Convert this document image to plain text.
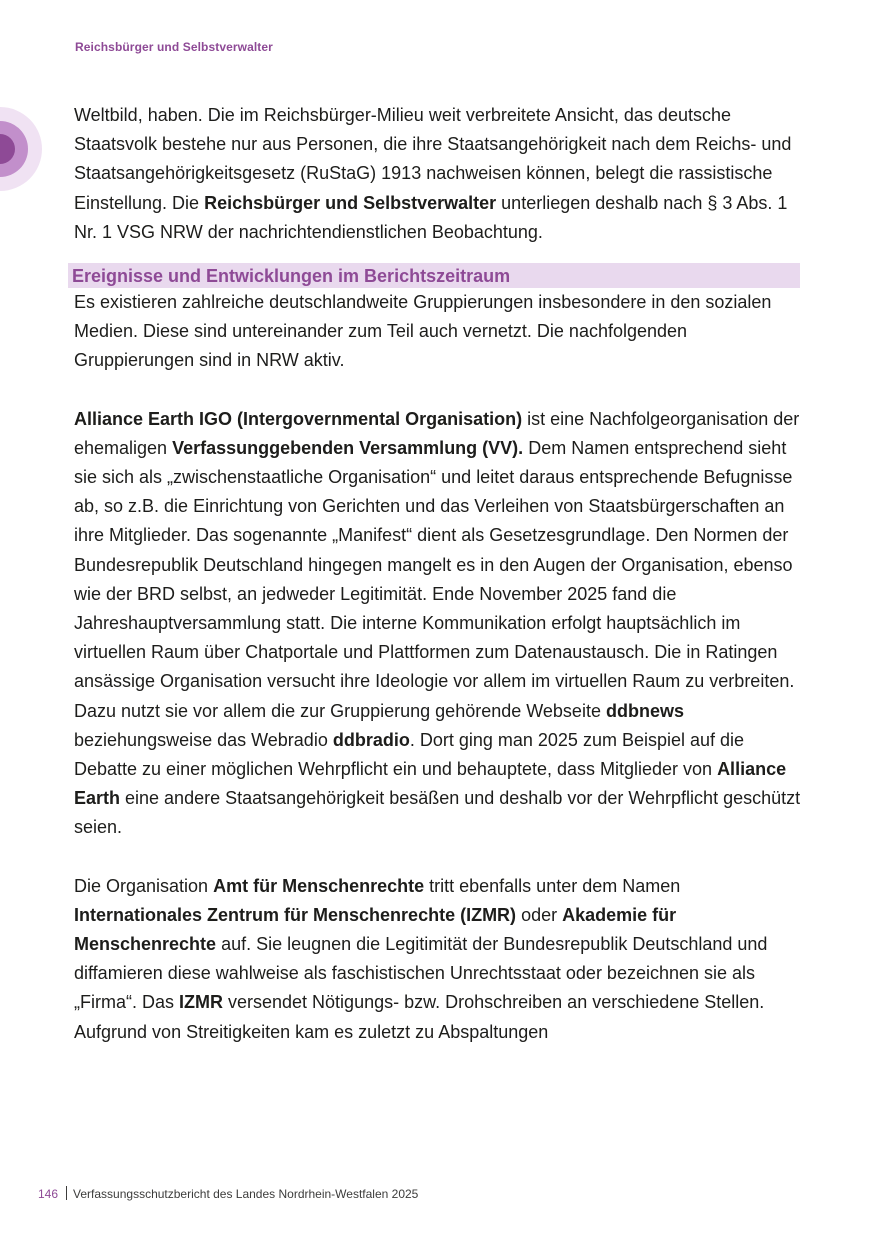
Reichsbürger und Selbstverwalter

Weltbild, haben. Die im Reichsbürger-Milieu weit verbreitete Ansicht, das deutsche Staatsvolk bestehe nur aus Personen, die ihre Staatsangehörigkeit nach dem Reichs- und Staatsangehörigkeitsgesetz (RuStaG) 1913 nachweisen können, belegt die rassistische Einstellung. Die Reichsbürger und Selbstverwalter unterliegen deshalb nach § 3 Abs. 1 Nr. 1 VSG NRW der nachrichtendienstlichen Beobachtung.

Ereignisse und Entwicklungen im Berichtszeitraum

Es existieren zahlreiche deutschlandweite Gruppierungen insbesondere in den sozialen Medien. Diese sind untereinander zum Teil auch vernetzt. Die nachfolgenden Gruppierungen sind in NRW aktiv.

Alliance Earth IGO (Intergovernmental Organisation) ist eine Nachfolgeorganisation der ehemaligen Verfassunggebenden Versammlung (VV). Dem Namen entsprechend sieht sie sich als „zwischenstaatliche Organisation“ und leitet daraus entsprechende Befugnisse ab, so z.B. die Einrichtung von Gerichten und das Verleihen von Staatsbürgerschaften an ihre Mitglieder. Das sogenannte „Manifest“ dient als Gesetzesgrundlage. Den Normen der Bundesrepublik Deutschland hingegen mangelt es in den Augen der Organisation, ebenso wie der BRD selbst, an jedweder Legitimität. Ende November 2025 fand die Jahreshauptversammlung statt. Die interne Kommunikation erfolgt hauptsächlich im virtuellen Raum über Chatportale und Plattformen zum Datenaustausch. Die in Ratingen ansässige Organisation versucht ihre Ideologie vor allem im virtuellen Raum zu verbreiten. Dazu nutzt sie vor allem die zur Gruppierung gehörende Webseite ddbnews beziehungsweise das Webradio ddbradio. Dort ging man 2025 zum Beispiel auf die Debatte zu einer möglichen Wehrpflicht ein und behauptete, dass Mitglieder von Alliance Earth eine andere Staatsangehörigkeit besäßen und deshalb vor der Wehrpflicht geschützt seien.

Die Organisation Amt für Menschenrechte tritt ebenfalls unter dem Namen Internationales Zentrum für Menschenrechte (IZMR) oder Akademie für Menschenrechte auf. Sie leugnen die Legitimität der Bundesrepublik Deutschland und diffamieren diese wahlweise als faschistischen Unrechtsstaat oder bezeichnen sie als „Firma“. Das IZMR versendet Nötigungs- bzw. Drohschreiben an verschiedene Stellen. Aufgrund von Streitigkeiten kam es zuletzt zu Abspaltungen

146 Verfassungsschutzbericht des Landes Nordrhein-Westfalen 2025
